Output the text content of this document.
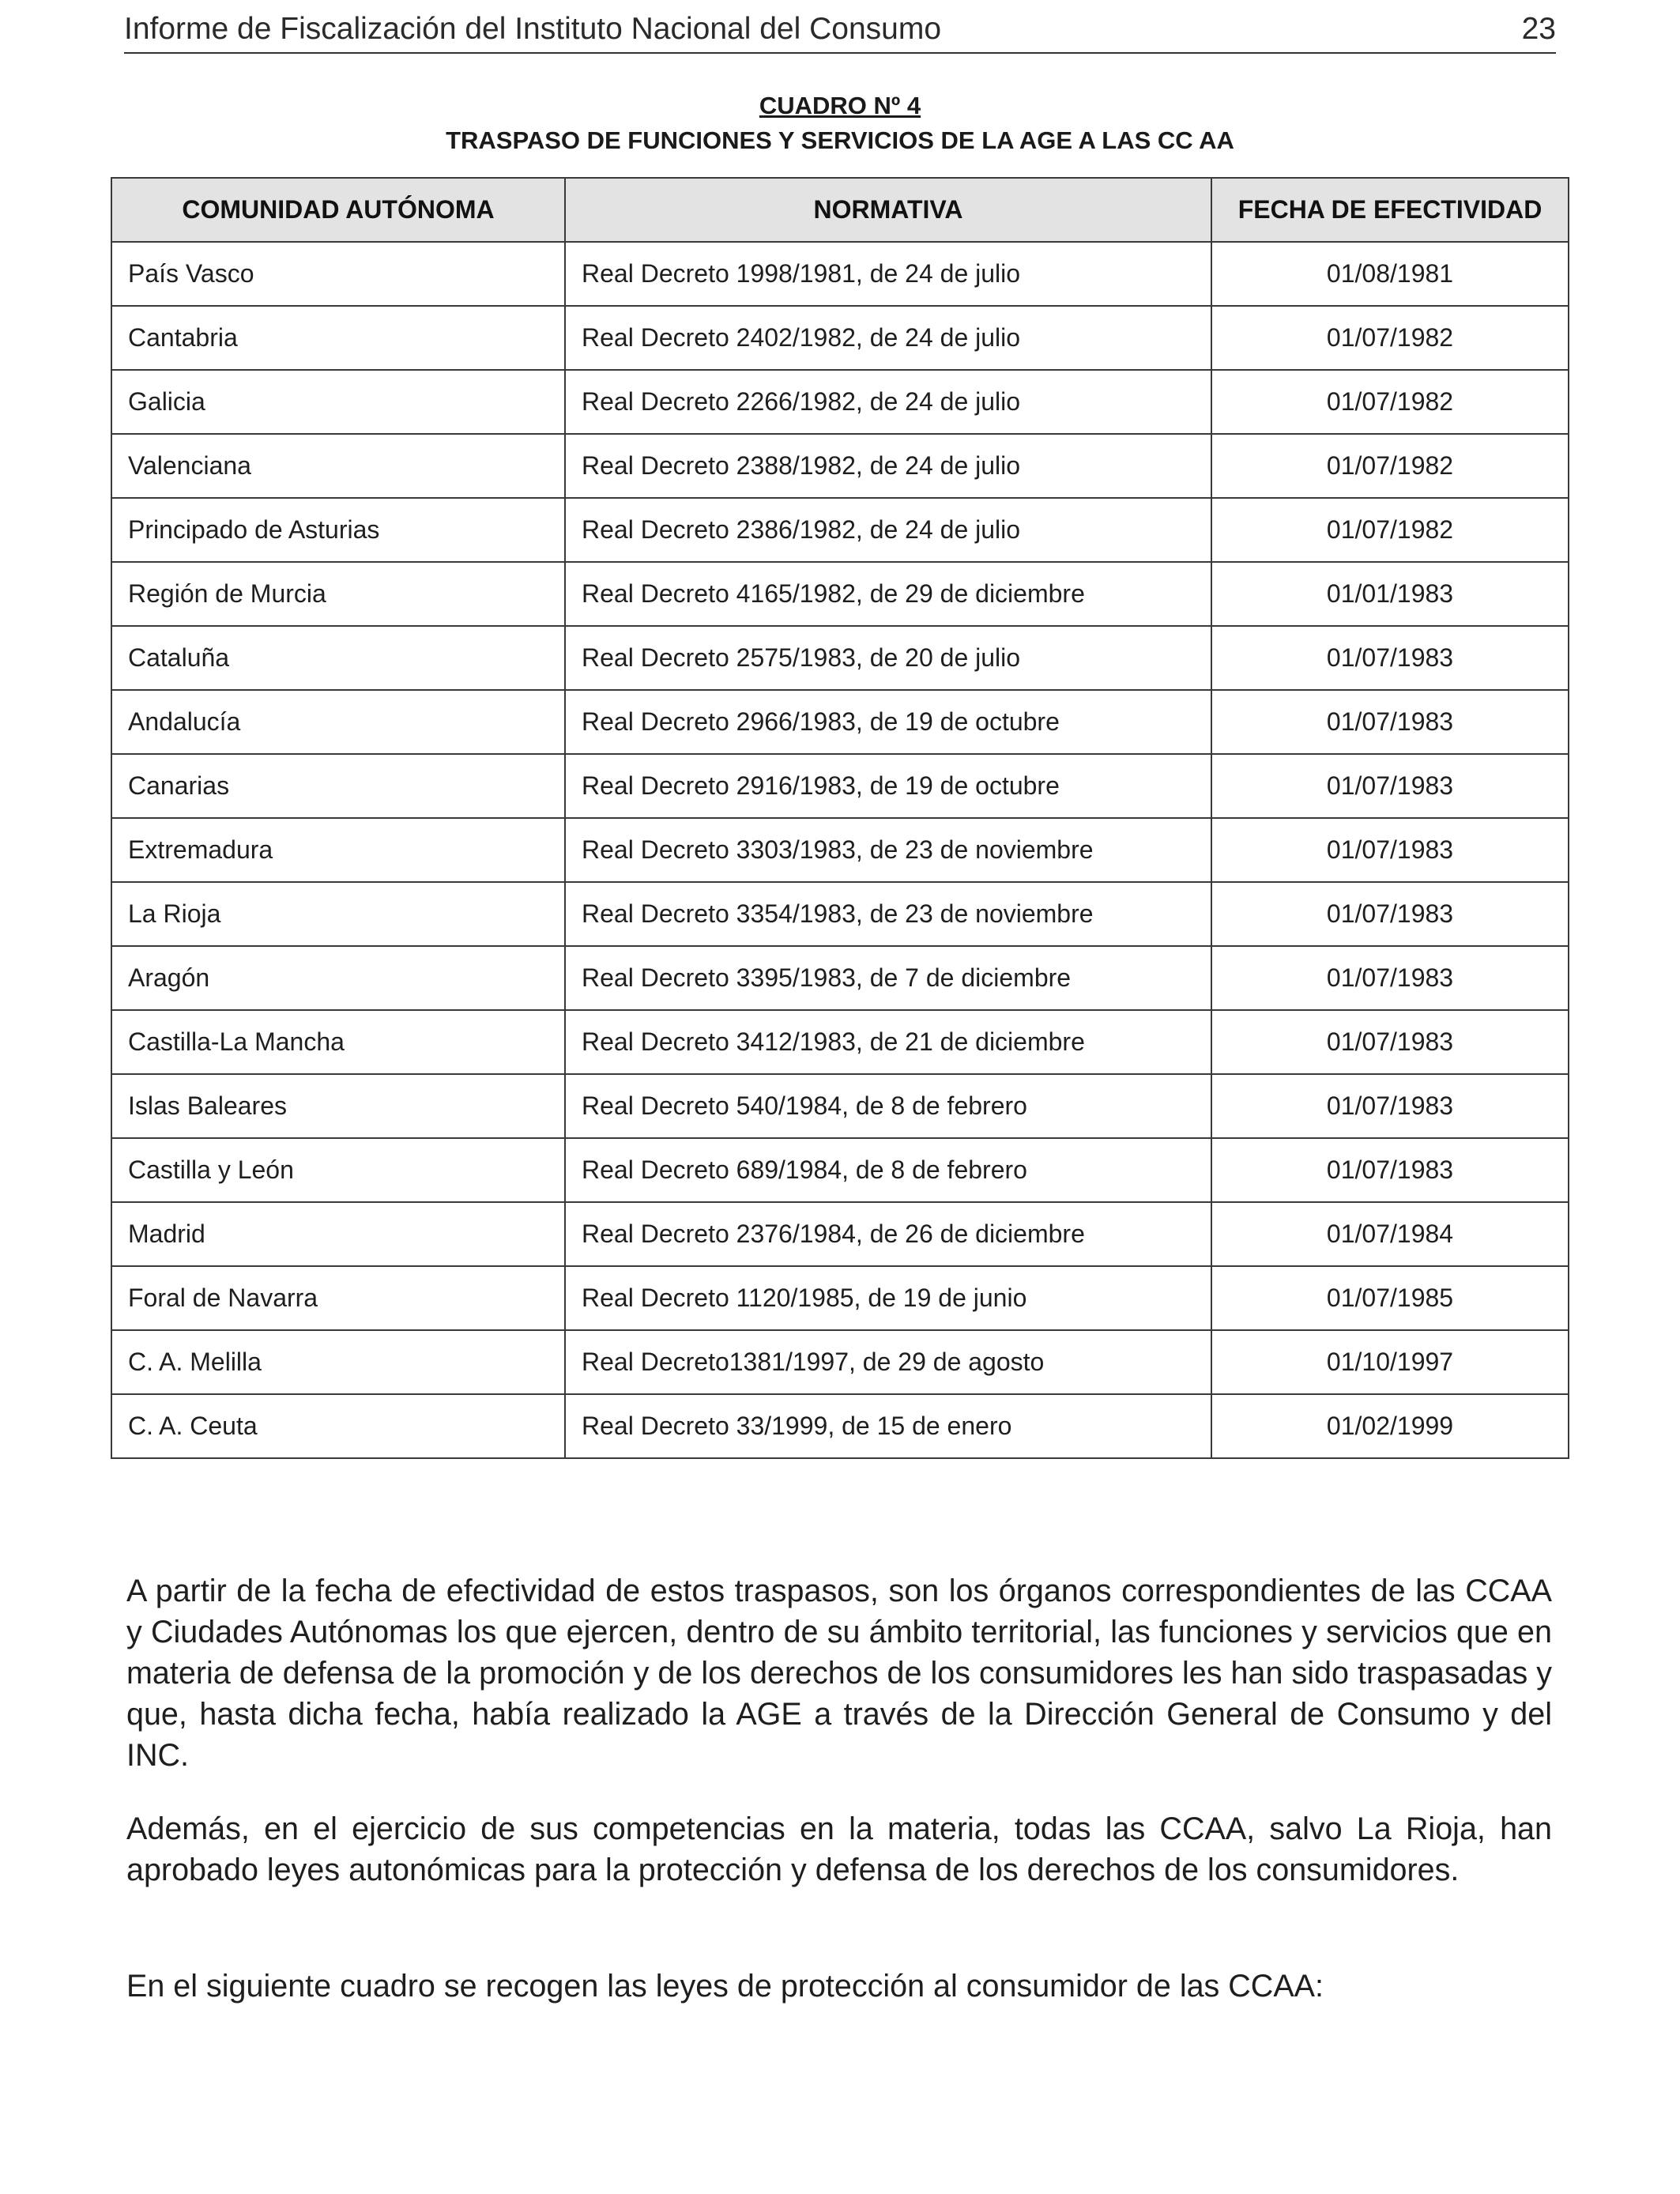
Informe de Fiscalización del Instituto Nacional del Consumo	23
CUADRO Nº 4
TRASPASO DE FUNCIONES Y SERVICIOS DE LA AGE A LAS CC AA
COMUNIDAD AUTÓNOMA	NORMATIVA	FECHA DE EFECTIVIDAD
País Vasco	Real Decreto 1998/1981, de 24 de julio	01/08/1981
Cantabria	Real Decreto 2402/1982, de 24 de julio	01/07/1982
Galicia	Real Decreto 2266/1982, de 24 de julio	01/07/1982
Valenciana	Real Decreto 2388/1982, de 24 de julio	01/07/1982
Principado de Asturias	Real Decreto 2386/1982, de 24 de julio	01/07/1982
Región de Murcia	Real Decreto 4165/1982, de 29 de diciembre	01/01/1983
Cataluña	Real Decreto 2575/1983, de 20 de julio	01/07/1983
Andalucía	Real Decreto 2966/1983, de 19 de octubre	01/07/1983
Canarias	Real Decreto 2916/1983, de 19 de octubre	01/07/1983
Extremadura	Real Decreto 3303/1983, de 23 de noviembre	01/07/1983
La Rioja	Real Decreto 3354/1983, de 23 de noviembre	01/07/1983
Aragón	Real Decreto 3395/1983, de 7 de diciembre	01/07/1983
Castilla-La Mancha	Real Decreto 3412/1983, de 21 de diciembre	01/07/1983
Islas Baleares	Real Decreto 540/1984, de 8 de febrero	01/07/1983
Castilla y León	Real Decreto 689/1984, de 8 de febrero	01/07/1983
Madrid	Real Decreto 2376/1984, de 26 de diciembre	01/07/1984
Foral de Navarra	Real Decreto 1120/1985, de 19 de junio	01/07/1985
C. A. Melilla	Real Decreto1381/1997, de 29 de agosto	01/10/1997
C. A. Ceuta	Real Decreto 33/1999, de 15 de enero	01/02/1999

A partir de la fecha de efectividad de estos traspasos, son los órganos correspondientes de las CCAA y Ciudades Autónomas los que ejercen, dentro de su ámbito territorial, las funciones y servicios que en materia de defensa de la promoción y de los derechos de los consumidores les han sido traspasadas y que, hasta dicha fecha, había realizado la AGE a través de la Dirección General de Consumo y del INC.

Además, en el ejercicio de sus competencias en la materia, todas las CCAA, salvo La Rioja, han aprobado leyes autonómicas para la protección y defensa de los derechos de los consumidores.

En el siguiente cuadro se recogen las leyes de protección al consumidor de las CCAA:
